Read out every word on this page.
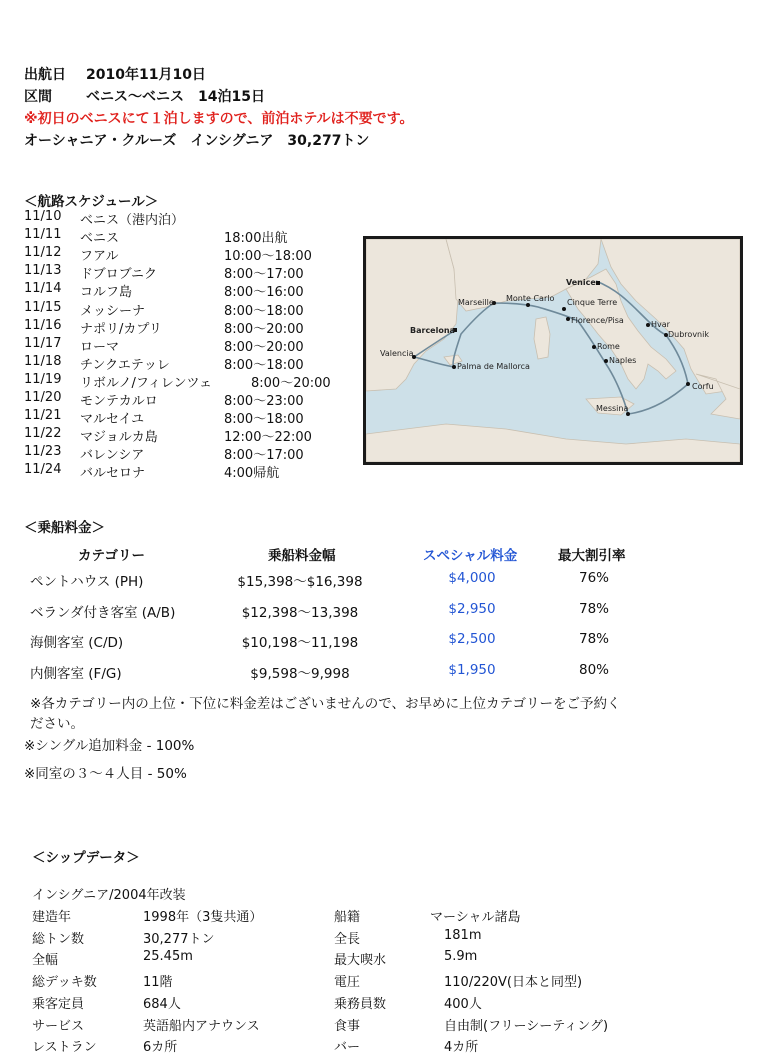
出航日 2010年11月10日
区間 ベニス〜ベニス　14泊15日
※初日のベニスにて１泊しますので、前泊ホテルは不要です。
オーシャニア・クルーズ　インシグニア　30,277トン
＜航路スケジュール＞
11/10 ベニス（港内泊）
11/11 ベニス	18:00出航
11/12 フアル	10:00〜18:00
11/13 ドブロブニク	8:00〜17:00
11/14 コルフ島	8:00〜16:00
11/15 メッシーナ	8:00〜18:00
11/16 ナポリ/カプリ	8:00〜20:00
11/17 ローマ	8:00〜20:00
11/18 チンクエテッレ	8:00〜18:00
11/19 リボルノ/フィレンツェ	8:00〜20:00
11/20 モンテカルロ	8:00〜23:00
11/21 マルセイユ	8:00〜18:00
11/22 マジョルカ島	12:00〜22:00
11/23 バレンシア	8:00〜17:00
11/24 バルセロナ	4:00帰航
Venice
Marseille Monte Carlo Cinque Terre
Florence/Pisa	Hvar
Dubrovnik
Barcelona
Rome
Naples
Valencia
Palma de Mallorca
Corfu
Messina
＜乗船料金＞
カテゴリー	乗船料金幅	スペシャル料金	最大割引率
ペントハウス (PH)	$15,398〜$16,398	$4,000	76%
ベランダ付き客室 (A/B)	$12,398〜13,398	$2,950	78%
海側客室 (C/D)	$10,198〜11,198	$2,500	78%
内側客室 (F/G)	$9,598〜9,998	$1,950	80%
※各カテゴリー内の上位・下位に料金差はございませんので、お早めに上位カテゴリーをご予約く
ださい。
※シングル追加料金 - 100%
※同室の３〜４人目 - 50%
＜シップデータ＞
インシグニア/2004年改装
建造年	1998年（3隻共通）	船籍	マーシャル諸島
総トン数	30,277トン	全長	181m
全幅	25.45m	最大喫水	5.9m
総デッキ数	11階	電圧	110/220V(日本と同型)
乗客定員	684人	乗務員数	400人
サービス	英語船内アナウンス	食事	自由制(フリーシーティング)
レストラン	6カ所	バー	4カ所
